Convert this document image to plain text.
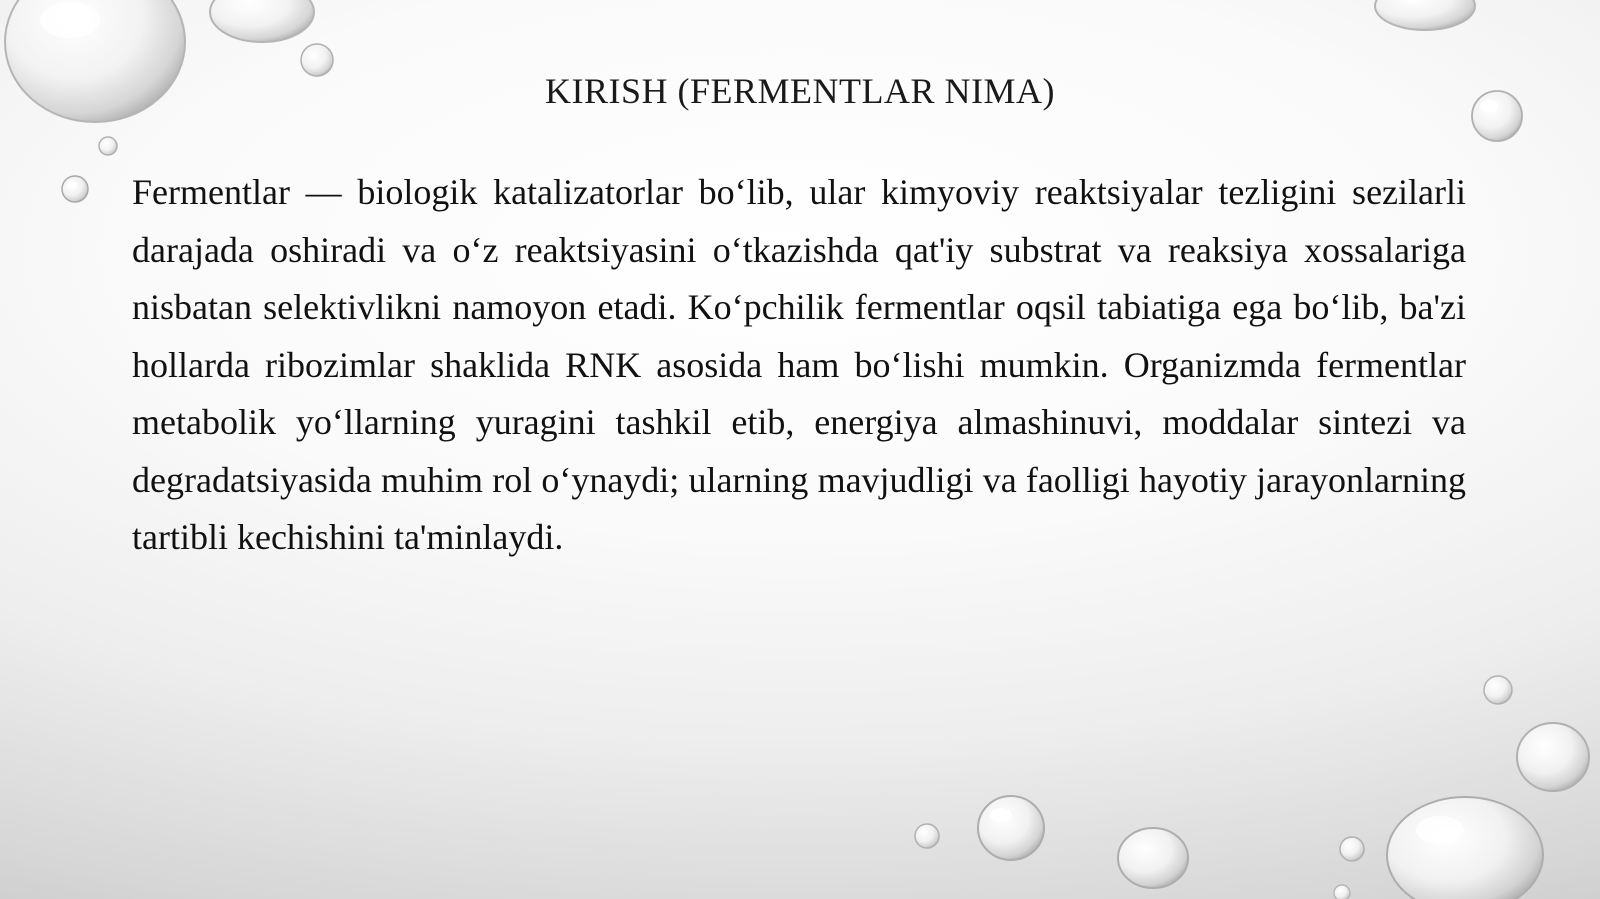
KIRISH (FERMENTLAR NIMA)

Fermentlar — biologik katalizatorlar bo‘lib, ular kimyoviy reaktsiyalar tezligini sezilarli darajada oshiradi va o‘z reaktsiyasini o‘tkazishda qat'iy substrat va reaksiya xossalariga nisbatan selektivlikni namoyon etadi. Ko‘pchilik fermentlar oqsil tabiatiga ega bo‘lib, ba'zi hollarda ribozimlar shaklida RNK asosida ham bo‘lishi mumkin. Organizmda fermentlar metabolik yo‘llarning yuragini tashkil etib, energiya almashinuvi, moddalar sintezi va degradatsiyasida muhim rol o‘ynaydi; ularning mavjudligi va faolligi hayotiy jarayonlarning tartibli kechishini ta'minlaydi.
